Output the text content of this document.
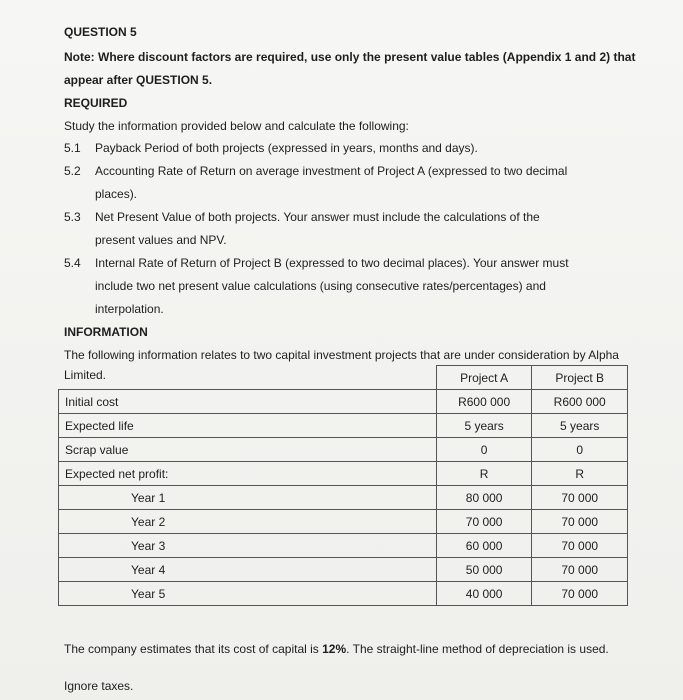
QUESTION 5
Note: Where discount factors are required, use only the present value tables (Appendix 1 and 2) that
appear after QUESTION 5.
REQUIRED
Study the information provided below and calculate the following:
5.1 Payback Period of both projects (expressed in years, months and days).
5.2 Accounting Rate of Return on average investment of Project A (expressed to two decimal
places).
5.3 Net Present Value of both projects. Your answer must include the calculations of the
present values and NPV.
5.4 Internal Rate of Return of Project B (expressed to two decimal places). Your answer must
include two net present value calculations (using consecutive rates/percentages) and
interpolation.
INFORMATION
The following information relates to two capital investment projects that are under consideration by Alpha
Limited.
		Project A	Project B
Initial cost	R600 000	R600 000
Expected life	5 years	5 years
Scrap value	0	0
Expected net profit:	R	R
Year 1	80 000	70 000
Year 2	70 000	70 000
Year 3	60 000	70 000
Year 4	50 000	70 000
Year 5	40 000	70 000
The company estimates that its cost of capital is 12%. The straight-line method of depreciation is used.
Ignore taxes.
